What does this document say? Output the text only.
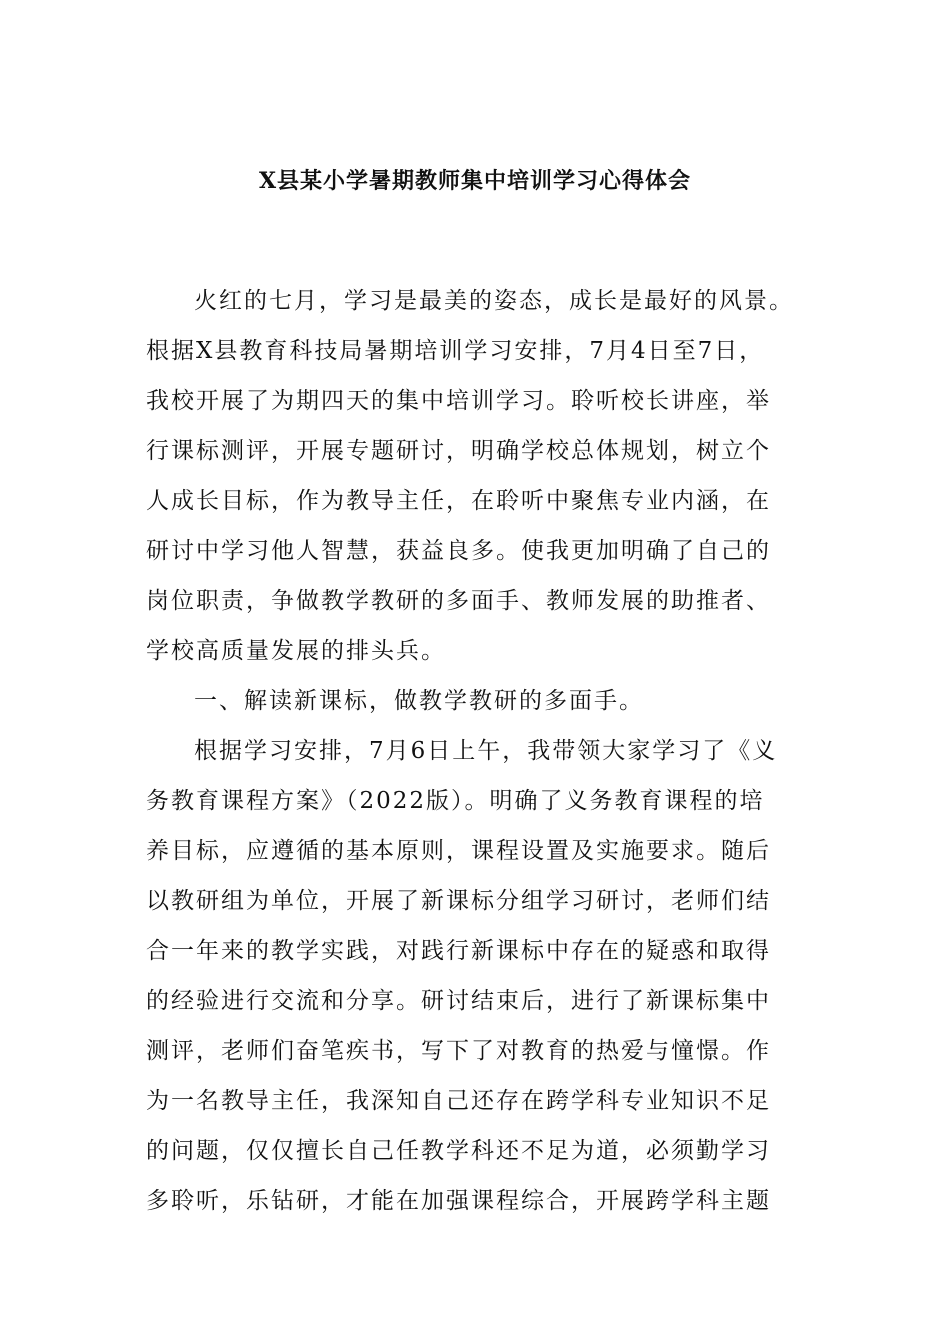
X县某小学暑期教师集中培训学习心得体会

火红的七月，学习是最美的姿态，成长是最好的风景。

根据X县教育科技局暑期培训学习安排，7月4日至7日，

我校开展了为期四天的集中培训学习。聆听校长讲座，举

行课标测评，开展专题研讨，明确学校总体规划，树立个

人成长目标，作为教导主任，在聆听中聚焦专业内涵，在

研讨中学习他人智慧，获益良多。使我更加明确了自己的

岗位职责，争做教学教研的多面手、教师发展的助推者、

学校高质量发展的排头兵。

一、解读新课标，做教学教研的多面手。

根据学习安排，7月6日上午，我带领大家学习了《义

务教育课程方案》（2022版）。明确了义务教育课程的培

养目标，应遵循的基本原则，课程设置及实施要求。随后

以教研组为单位，开展了新课标分组学习研讨，老师们结

合一年来的教学实践，对践行新课标中存在的疑惑和取得

的经验进行交流和分享。研讨结束后，进行了新课标集中

测评，老师们奋笔疾书，写下了对教育的热爱与憧憬。作

为一名教导主任，我深知自己还存在跨学科专业知识不足

的问题，仅仅擅长自己任教学科还不足为道，必须勤学习

多聆听，乐钻研，才能在加强课程综合，开展跨学科主题
